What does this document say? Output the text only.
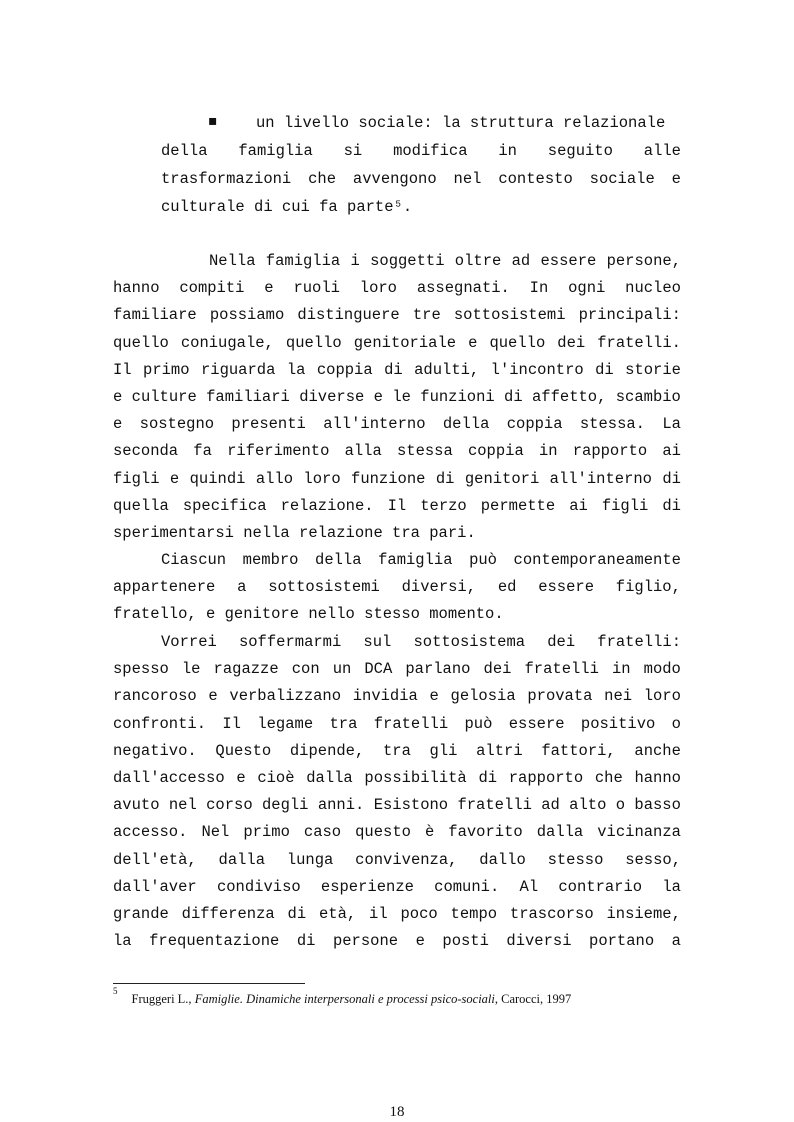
▪ un livello sociale: la struttura relazionale
della famiglia si modifica in seguito alle
trasformazioni che avvengono nel contesto sociale e
culturale di cui fa parte⁵.
Nella famiglia i soggetti oltre ad essere persone,
hanno compiti e ruoli loro assegnati. In ogni nucleo
familiare possiamo distinguere tre sottosistemi principali:
quello coniugale, quello genitoriale e quello dei fratelli.
Il primo riguarda la coppia di adulti, l'incontro di storie
e culture familiari diverse e le funzioni di affetto, scambio
e sostegno presenti all'interno della coppia stessa. La
seconda fa riferimento alla stessa coppia in rapporto ai
figli e quindi allo loro funzione di genitori all'interno di
quella specifica relazione. Il terzo permette ai figli di
sperimentarsi nella relazione tra pari.
Ciascun membro della famiglia può contemporaneamente
appartenere a sottosistemi diversi, ed essere figlio,
fratello, e genitore nello stesso momento.
Vorrei soffermarmi sul sottosistema dei fratelli:
spesso le ragazze con un DCA parlano dei fratelli in modo
rancoroso e verbalizzano invidia e gelosia provata nei loro
confronti. Il legame tra fratelli può essere positivo o
negativo. Questo dipende, tra gli altri fattori, anche
dall'accesso e cioè dalla possibilità di rapporto che hanno
avuto nel corso degli anni. Esistono fratelli ad alto o basso
accesso. Nel primo caso questo è favorito dalla vicinanza
dell'età, dalla lunga convivenza, dallo stesso sesso,
dall'aver condiviso esperienze comuni. Al contrario la
grande differenza di età, il poco tempo trascorso insieme,
la frequentazione di persone e posti diversi portano a
$^5$Fruggeri L., Famiglie. Dinamiche interpersonali e processi psico-sociali, Carocci, 1997
18
